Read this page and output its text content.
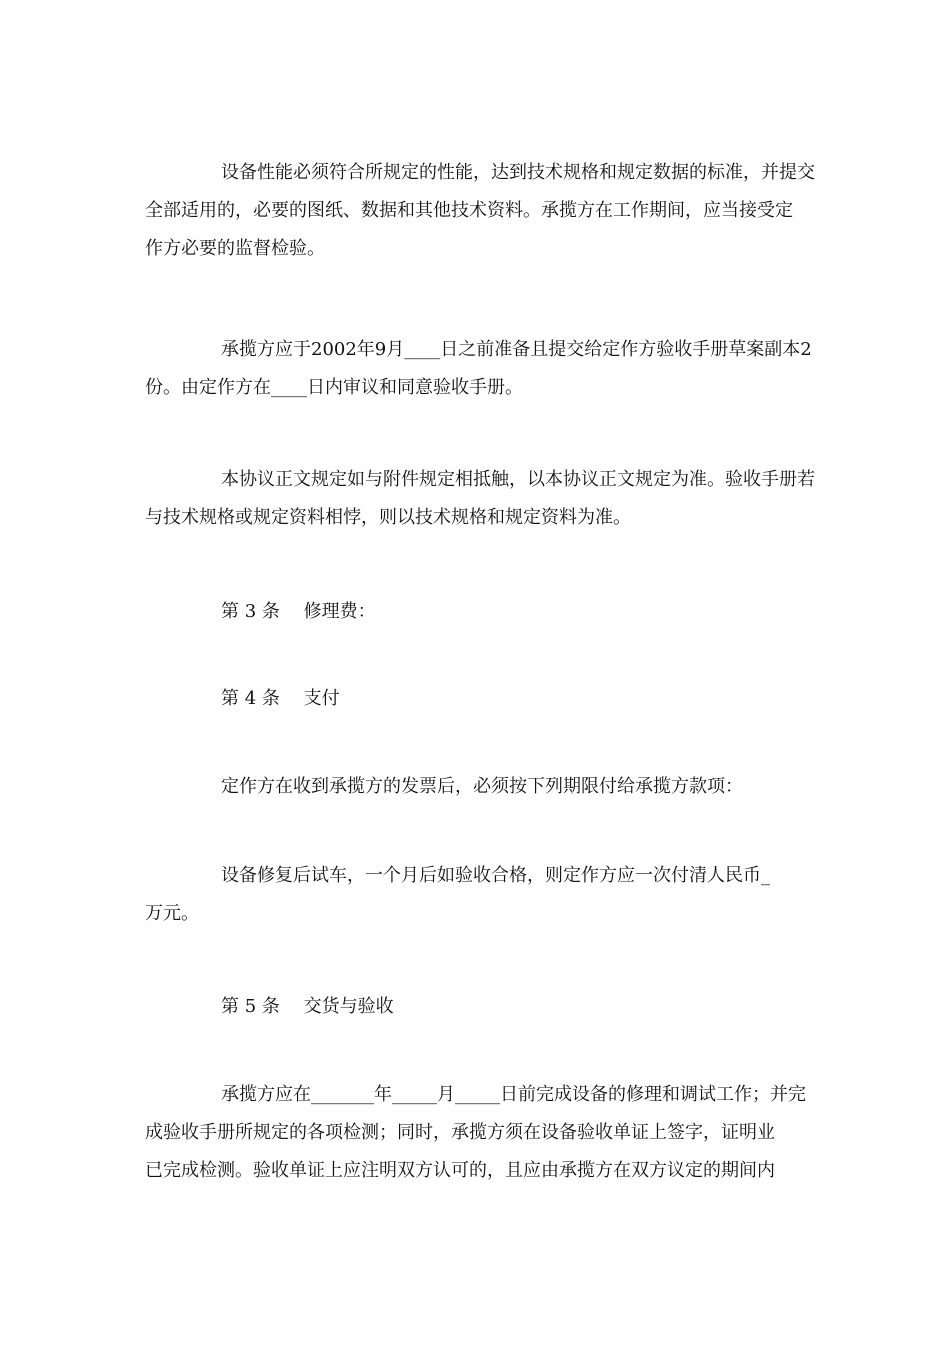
设备性能必须符合所规定的性能，达到技术规格和规定数据的标准，并提交
全部适用的，必要的图纸、数据和其他技术资料。承揽方在工作期间，应当接受定
作方必要的监督检验。
承揽方应于2002年9月____日之前准备且提交给定作方验收手册草案副本2
份。由定作方在____日内审议和同意验收手册。
本协议正文规定如与附件规定相抵触，以本协议正文规定为准。验收手册若
与技术规格或规定资料相悖，则以技术规格和规定资料为准。
第 3 条　 修理费：
第 4 条　 支付
定作方在收到承揽方的发票后，必须按下列期限付给承揽方款项：
设备修复后试车，一个月后如验收合格，则定作方应一次付清人民币_
万元。
第 5 条　 交货与验收
承揽方应在_______年_____月_____日前完成设备的修理和调试工作；并完
成验收手册所规定的各项检测；同时，承揽方须在设备验收单证上签字，证明业
已完成检测。验收单证上应注明双方认可的，且应由承揽方在双方议定的期间内
